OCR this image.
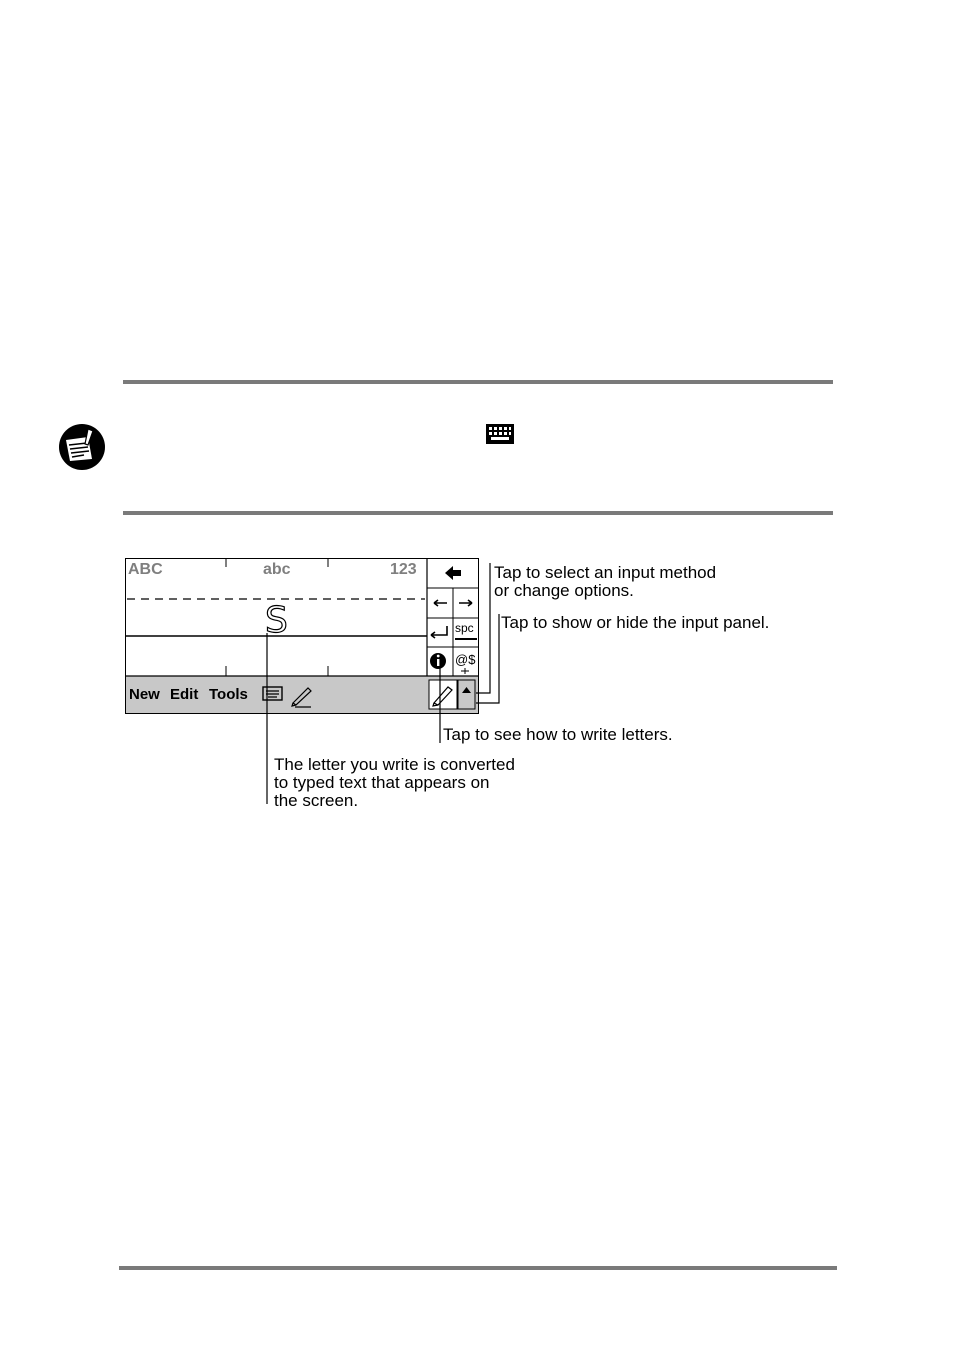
ABC	abc	123
S	spc
@$
New Edit Tools

Tap to select an input method
or change options.

Tap to show or hide the input panel.

Tap to see how to write letters.

The letter you write is converted
to typed text that appears on
the screen.
